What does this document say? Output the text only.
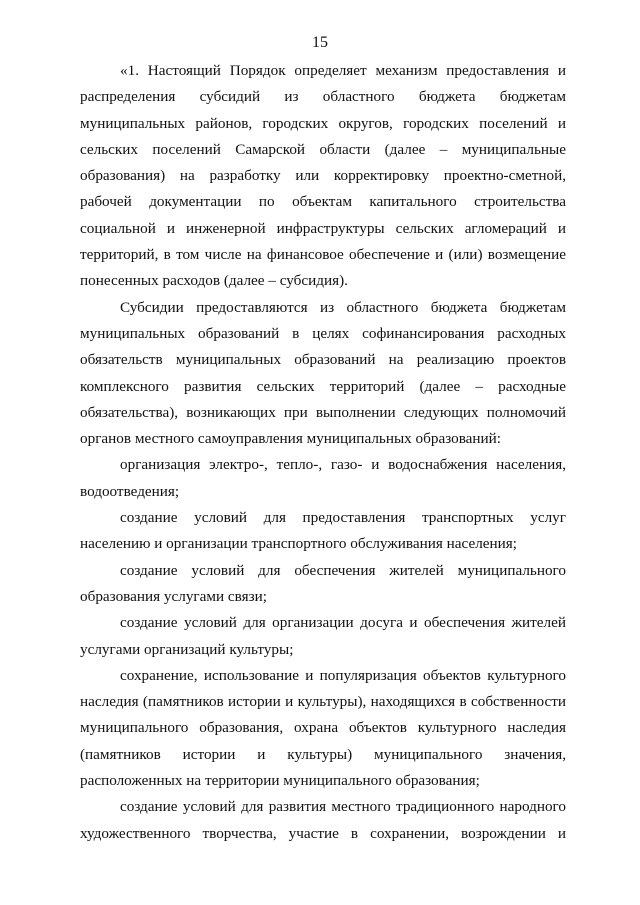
15

«1. Настоящий Порядок определяет механизм предоставления и распределения субсидий из областного бюджета бюджетам муниципальных районов, городских округов, городских поселений и сельских поселений Самарской области (далее – муниципальные образования) на разработку или корректировку проектно-сметной, рабочей документации по объектам капитального строительства социальной и инженерной инфраструктуры сельских агломераций и территорий, в том числе на финансовое обеспечение и (или) возмещение понесенных расходов (далее – субсидия).

Субсидии предоставляются из областного бюджета бюджетам муниципальных образований в целях софинансирования расходных обязательств муниципальных образований на реализацию проектов комплексного развития сельских территорий (далее – расходные обязательства), возникающих при выполнении следующих полномочий органов местного самоуправления муниципальных образований:

организация электро-, тепло-, газо- и водоснабжения населения, водоотведения;

создание условий для предоставления транспортных услуг населению и организации транспортного обслуживания населения;

создание условий для обеспечения жителей муниципального образования услугами связи;

создание условий для организации досуга и обеспечения жителей услугами организаций культуры;

сохранение, использование и популяризация объектов культурного наследия (памятников истории и культуры), находящихся в собственности муниципального образования, охрана объектов культурного наследия (памятников истории и культуры) муниципального значения, расположенных на территории муниципального образования;

создание условий для развития местного традиционного народного художественного творчества, участие в сохранении, возрождении и
